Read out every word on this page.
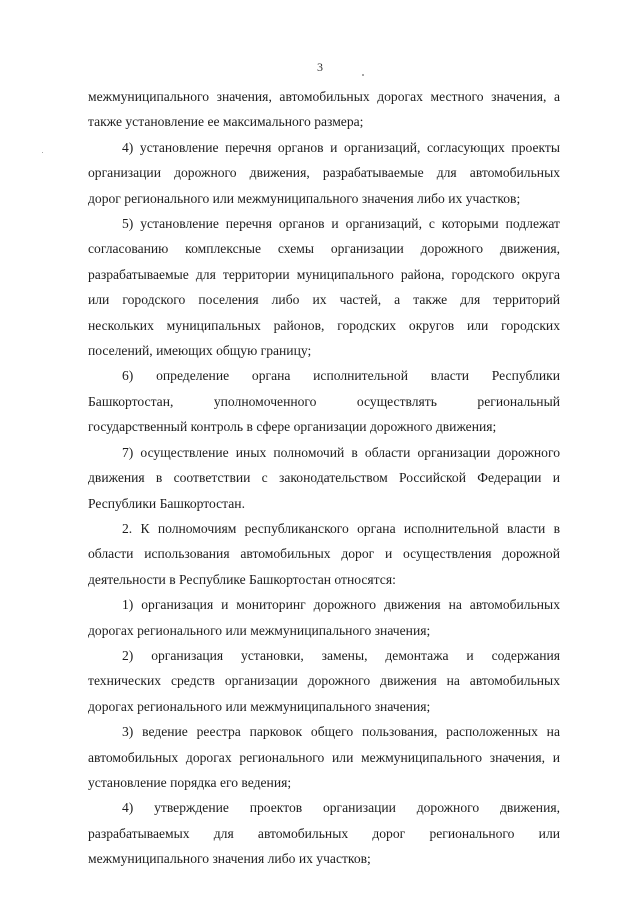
3
межмуниципального значения, автомобильных дорогах местного значения, а
также установление ее максимального размера;
4) установление перечня органов и организаций, согласующих проекты
организации дорожного движения, разрабатываемые для автомобильных
дорог регионального или межмуниципального значения либо их участков;
5) установление перечня органов и организаций, с которыми подлежат
согласованию комплексные схемы организации дорожного движения,
разрабатываемые для территории муниципального района, городского округа
или городского поселения либо их частей, а также для территорий
нескольких муниципальных районов, городских округов или городских
поселений, имеющих общую границу;
6) определение органа исполнительной власти Республики
Башкортостан, уполномоченного осуществлять региональный
государственный контроль в сфере организации дорожного движения;
7) осуществление иных полномочий в области организации дорожного
движения в соответствии с законодательством Российской Федерации и
Республики Башкортостан.
2. К полномочиям республиканского органа исполнительной власти в
области использования автомобильных дорог и осуществления дорожной
деятельности в Республике Башкортостан относятся:
1) организация и мониторинг дорожного движения на автомобильных
дорогах регионального или межмуниципального значения;
2) организация установки, замены, демонтажа и содержания
технических средств организации дорожного движения на автомобильных
дорогах регионального или межмуниципального значения;
3) ведение реестра парковок общего пользования, расположенных на
автомобильных дорогах регионального или межмуниципального значения, и
установление порядка его ведения;
4) утверждение проектов организации дорожного движения,
разрабатываемых для автомобильных дорог регионального или
межмуниципального значения либо их участков;
